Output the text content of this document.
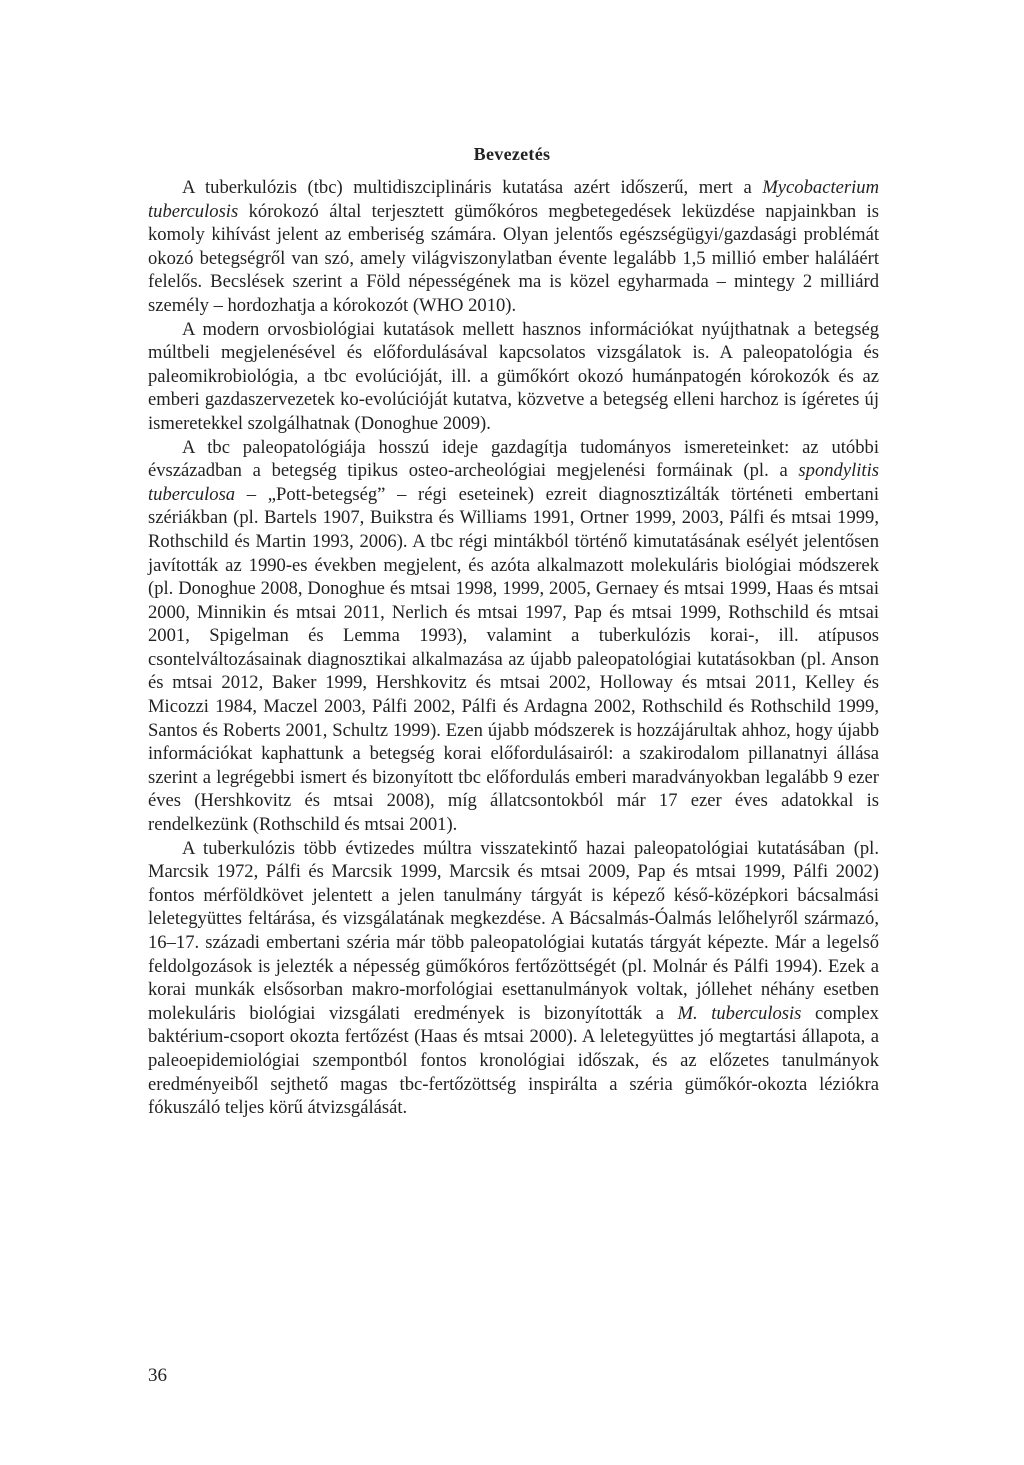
Bevezetés

A tuberkulózis (tbc) multidiszciplináris kutatása azért időszerű, mert a Mycobacterium tuberculosis kórokozó által terjesztett gümőkóros megbetegedések leküzdése napjainkban is komoly kihívást jelent az emberiség számára. Olyan jelentős egészségügyi/gazdasági problémát okozó betegségről van szó, amely világviszonylatban évente legalább 1,5 millió ember haláláért felelős. Becslések szerint a Föld népességének ma is közel egyharmada – mintegy 2 milliárd személy – hordozhatja a kórokozót (WHO 2010).

A modern orvosbiológiai kutatások mellett hasznos információkat nyújthatnak a betegség múltbeli megjelenésével és előfordulásával kapcsolatos vizsgálatok is. A paleopatológia és paleomikrobiológia, a tbc evolúcióját, ill. a gümőkórt okozó humánpatogén kórokozók és az emberi gazdaszervezetek ko-evolúcióját kutatva, közvetve a betegség elleni harchoz is ígéretes új ismeretekkel szolgálhatnak (Donoghue 2009).

A tbc paleopatológiája hosszú ideje gazdagítja tudományos ismereteinket: az utóbbi évszázadban a betegség tipikus osteo-archeológiai megjelenési formáinak (pl. a spondylitis tuberculosa – „Pott-betegség” – régi eseteinek) ezreit diagnosztizálták történeti embertani szériákban (pl. Bartels 1907, Buikstra és Williams 1991, Ortner 1999, 2003, Pálfi és mtsai 1999, Rothschild és Martin 1993, 2006). A tbc régi mintákból történő kimutatásának esélyét jelentősen javították az 1990-es években megjelent, és azóta alkalmazott molekuláris biológiai módszerek (pl. Donoghue 2008, Donoghue és mtsai 1998, 1999, 2005, Gernaey és mtsai 1999, Haas és mtsai 2000, Minnikin és mtsai 2011, Nerlich és mtsai 1997, Pap és mtsai 1999, Rothschild és mtsai 2001, Spigelman és Lemma 1993), valamint a tuberkulózis korai-, ill. atípusos csontelváltozásainak diagnosztikai alkalmazása az újabb paleopatológiai kutatásokban (pl. Anson és mtsai 2012, Baker 1999, Hershkovitz és mtsai 2002, Holloway és mtsai 2011, Kelley és Micozzi 1984, Maczel 2003, Pálfi 2002, Pálfi és Ardagna 2002, Rothschild és Rothschild 1999, Santos és Roberts 2001, Schultz 1999). Ezen újabb módszerek is hozzájárultak ahhoz, hogy újabb információkat kaphattunk a betegség korai előfordulásairól: a szakirodalom pillanatnyi állása szerint a legrégebbi ismert és bizonyított tbc előfordulás emberi maradványokban legalább 9 ezer éves (Hershkovitz és mtsai 2008), míg állatcsontokból már 17 ezer éves adatokkal is rendelkezünk (Rothschild és mtsai 2001).

A tuberkulózis több évtizedes múltra visszatekintő hazai paleopatológiai kutatásában (pl. Marcsik 1972, Pálfi és Marcsik 1999, Marcsik és mtsai 2009, Pap és mtsai 1999, Pálfi 2002) fontos mérföldkövet jelentett a jelen tanulmány tárgyát is képező késő-középkori bácsalmási leletegyüttes feltárása, és vizsgálatának megkezdése. A Bácsalmás-Óalmás lelőhelyről származó, 16–17. századi embertani széria már több paleopatológiai kutatás tárgyát képezte. Már a legelső feldolgozások is jelezték a népesség gümőkóros fertőzöttségét (pl. Molnár és Pálfi 1994). Ezek a korai munkák elsősorban makro-morfológiai esettanulmányok voltak, jóllehet néhány esetben molekuláris biológiai vizsgálati eredmények is bizonyították a M. tuberculosis complex baktérium-csoport okozta fertőzést (Haas és mtsai 2000). A leletegyüttes jó megtartási állapota, a paleoepidemiológiai szempontból fontos kronológiai időszak, és az előzetes tanulmányok eredményeiből sejthető magas tbc-fertőzöttség inspirálta a széria gümőkór-okozta léziókra fókuszáló teljes körű átvizsgálását.

36
